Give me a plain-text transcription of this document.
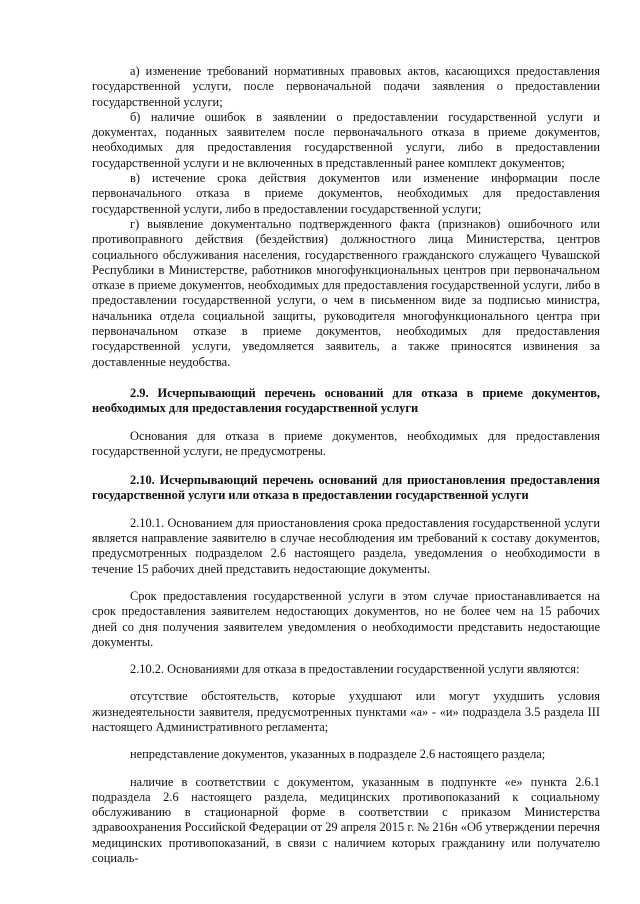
а) изменение требований нормативных правовых актов, касающихся предоставления государственной услуги, после первоначальной подачи заявления о предоставлении государственной услуги;

б) наличие ошибок в заявлении о предоставлении государственной услуги и документах, поданных заявителем после первоначального отказа в приеме документов, необходимых для предоставления государственной услуги, либо в предоставлении государственной услуги и не включенных в представленный ранее комплект документов;

в) истечение срока действия документов или изменение информации после первоначального отказа в приеме документов, необходимых для предоставления государственной услуги, либо в предоставлении государственной услуги;

г) выявление документально подтвержденного факта (признаков) ошибочного или противоправного действия (бездействия) должностного лица Министерства, центров социального обслуживания населения, государственного гражданского служащего Чувашской Республики в Министерстве, работников многофункциональных центров при первоначальном отказе в приеме документов, необходимых для предоставления государственной услуги, либо в предоставлении государственной услуги, о чем в письменном виде за подписью министра, начальника отдела социальной защиты, руководителя многофункционального центра при первоначальном отказе в приеме документов, необходимых для предоставления государственной услуги, уведомляется заявитель, а также приносятся извинения за доставленные неудобства.

2.9. Исчерпывающий перечень оснований для отказа в приеме документов, необходимых для предоставления государственной услуги

Основания для отказа в приеме документов, необходимых для предоставления государственной услуги, не предусмотрены.

2.10. Исчерпывающий перечень оснований для приостановления предоставления государственной услуги или отказа в предоставлении государственной услуги

2.10.1. Основанием для приостановления срока предоставления государственной услуги является направление заявителю в случае несоблюдения им требований к составу документов, предусмотренных подразделом 2.6 настоящего раздела, уведомления о необходимости в течение 15 рабочих дней представить недостающие документы.

Срок предоставления государственной услуги в этом случае приостанавливается на срок предоставления заявителем недостающих документов, но не более чем на 15 рабочих дней со дня получения заявителем уведомления о необходимости представить недостающие документы.

2.10.2. Основаниями для отказа в предоставлении государственной услуги являются:

отсутствие обстоятельств, которые ухудшают или могут ухудшить условия жизнедеятельности заявителя, предусмотренных пунктами «а» - «и» подраздела 3.5 раздела III настоящего Административного регламента;

непредставление документов, указанных в подразделе 2.6 настоящего раздела;

наличие в соответствии с документом, указанным в подпункте «е» пункта 2.6.1 подраздела 2.6 настоящего раздела, медицинских противопоказаний к социальному обслуживанию в стационарной форме в соответствии с приказом Министерства здравоохранения Российской Федерации от 29 апреля 2015 г. № 216н «Об утверждении перечня медицинских противопоказаний, в связи с наличием которых гражданину или получателю социаль-
